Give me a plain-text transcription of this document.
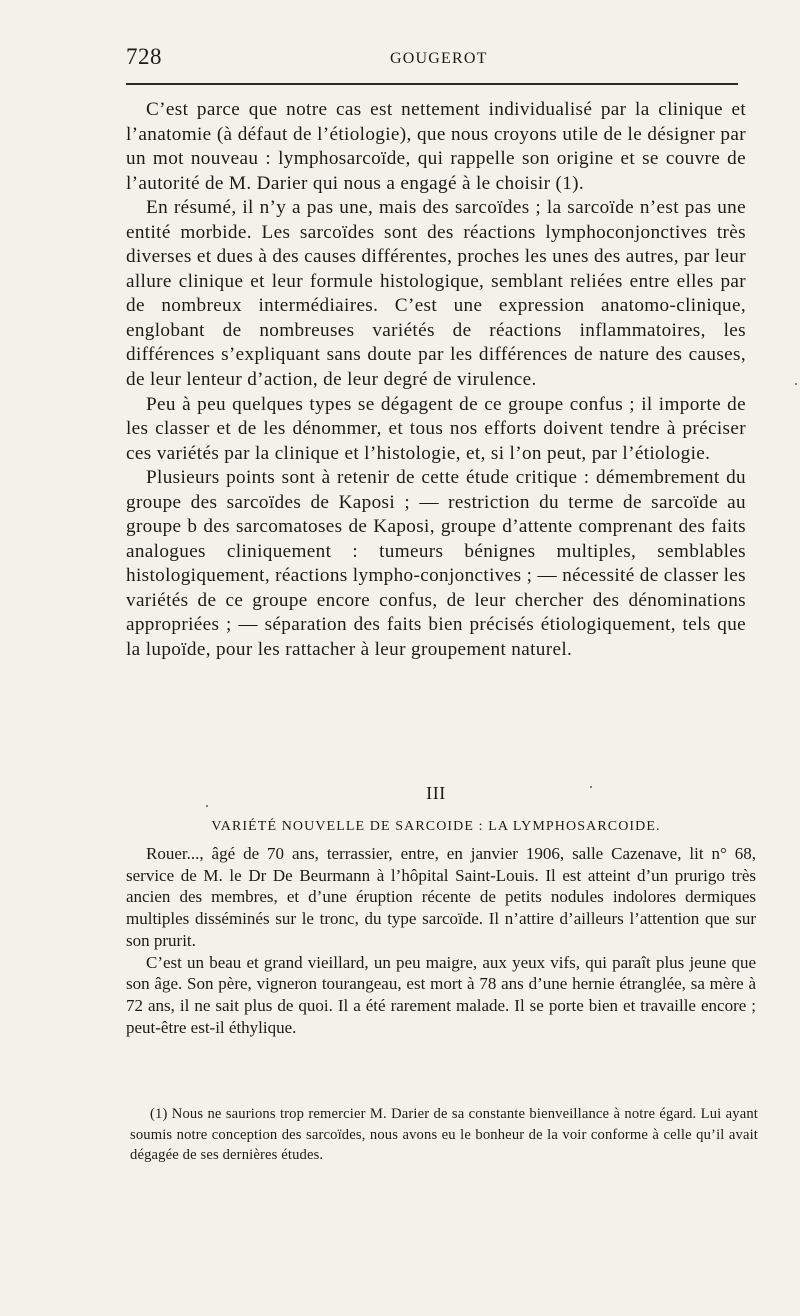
728	GOUGEROT

C’est parce que notre cas est nettement individualisé par la clinique et l’anatomie (à défaut de l’étiologie), que nous croyons utile de le désigner par un mot nouveau : lymphosarcoïde, qui rappelle son origine et se couvre de l’autorité de M. Darier qui nous a engagé à le choisir (1).

En résumé, il n’y a pas une, mais des sarcoïdes ; la sarcoïde n’est pas une entité morbide. Les sarcoïdes sont des réactions lymphoconjonctives très diverses et dues à des causes différentes, proches les unes des autres, par leur allure clinique et leur formule histologique, semblant reliées entre elles par de nombreux intermédiaires. C’est une expression anatomo-clinique, englobant de nombreuses variétés de réactions inflammatoires, les différences s’expliquant sans doute par les différences de nature des causes, de leur lenteur d’action, de leur degré de virulence.

Peu à peu quelques types se dégagent de ce groupe confus ; il importe de les classer et de les dénommer, et tous nos efforts doivent tendre à préciser ces variétés par la clinique et l’histologie, et, si l’on peut, par l’étiologie.

Plusieurs points sont à retenir de cette étude critique : démembrement du groupe des sarcoïdes de Kaposi ; — restriction du terme de sarcoïde au groupe b des sarcomatoses de Kaposi, groupe d’attente comprenant des faits analogues cliniquement : tumeurs bénignes multiples, semblables histologiquement, réactions lympho-conjonctives ; — nécessité de classer les variétés de ce groupe encore confus, de leur chercher des dénominations appropriées ; — séparation des faits bien précisés étiologiquement, tels que la lupoïde, pour les rattacher à leur groupement naturel.

III
VARIÉTÉ NOUVELLE DE SARCOIDE : LA LYMPHOSARCOIDE.

Rouer..., âgé de 70 ans, terrassier, entre, en janvier 1906, salle Cazenave, lit n° 68, service de M. le Dr De Beurmann à l’hôpital Saint-Louis. Il est atteint d’un prurigo très ancien des membres, et d’une éruption récente de petits nodules indolores dermiques multiples disséminés sur le tronc, du type sarcoïde. Il n’attire d’ailleurs l’attention que sur son prurit.

C’est un beau et grand vieillard, un peu maigre, aux yeux vifs, qui paraît plus jeune que son âge. Son père, vigneron tourangeau, est mort à 78 ans d’une hernie étranglée, sa mère à 72 ans, il ne sait plus de quoi. Il a été rarement malade. Il se porte bien et travaille encore ; peut-être est-il éthylique.

(1) Nous ne saurions trop remercier M. Darier de sa constante bienveillance à notre égard. Lui ayant soumis notre conception des sarcoïdes, nous avons eu le bonheur de la voir conforme à celle qu’il avait dégagée de ses dernières études.
